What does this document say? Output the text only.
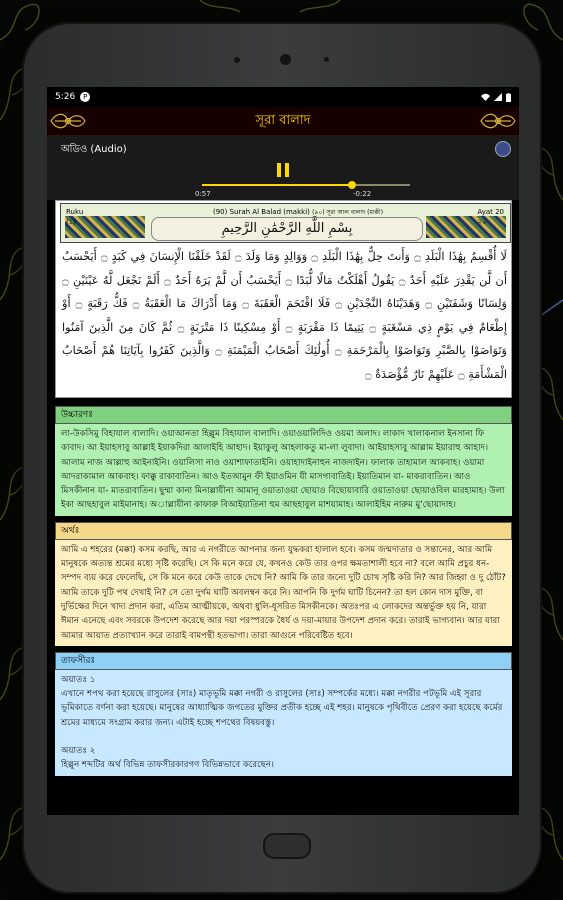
5:26	P
সূরা বালাদ
অডিও (Audio)
0:57	-0:22
Ruku
(১)
(90) Surah Al Balad (makki) (৯০) সূরা আল বালাদ (মাক্কী)	Ayat 20
২০
بِسْمِ اللَّهِ الرَّحْمَٰنِ الرَّحِيمِ
لَا أُقْسِمُ بِهَٰذَا الْبَلَدِ ۝ وَأَنتَ حِلٌّ بِهَٰذَا الْبَلَدِ ۝ وَوَالِدٍ وَمَا وَلَدَ ۝ لَقَدْ خَلَقْنَا الْإِنسَانَ فِي كَبَدٍ ۝ أَيَحْسَبُ أَن لَّن يَقْدِرَ عَلَيْهِ أَحَدٌ ۝ يَقُولُ أَهْلَكْتُ مَالًا لُّبَدًا ۝ أَيَحْسَبُ أَن لَّمْ يَرَهُ أَحَدٌ ۝ أَلَمْ نَجْعَل لَّهُ عَيْنَيْنِ ۝ وَلِسَانًا وَشَفَتَيْنِ ۝ وَهَدَيْنَاهُ النَّجْدَيْنِ ۝ فَلَا اقْتَحَمَ الْعَقَبَةَ ۝ وَمَا أَدْرَاكَ مَا الْعَقَبَةُ ۝ فَكُّ رَقَبَةٍ ۝ أَوْ إِطْعَامٌ فِي يَوْمٍ ذِي مَسْغَبَةٍ ۝ يَتِيمًا ذَا مَقْرَبَةٍ ۝ أَوْ مِسْكِينًا ذَا مَتْرَبَةٍ ۝ ثُمَّ كَانَ مِنَ الَّذِينَ آمَنُوا وَتَوَاصَوْا بِالصَّبْرِ وَتَوَاصَوْا بِالْمَرْحَمَةِ ۝ أُولَٰئِكَ أَصْحَابُ الْمَيْمَنَةِ ۝ وَالَّذِينَ كَفَرُوا بِآيَاتِنَا هُمْ أَصْحَابُ الْمَشْأَمَةِ ۝ عَلَيْهِمْ نَارٌ مُّؤْصَدَةٌ ۝
উচ্চারণঃ
লা-উকসিমু বিহাযাল বালাদি। ওয়াআনতা হিল্লুম বিহাযাল বালাদি। ওয়াওয়ালিদিও ওয়মা অলাদ। লাকাদ খালাকনাল ইনসানা ফি কাবাদ। আ ইয়াহসাবু আল্লাই ইয়াকদিরা আলাইহি আহাদ। ইয়াকুলু আহলাকতু মা-লা লুবাদা। আইয়াহসাবু আল্লাম ইয়ারাহু আহাদ। আলাম নাজ আল্লাহু আইনাইনি। ওয়ালিসা নাও ওয়াশাফাতাইনি। ওয়াহাদাইনাহুন নাজদাইন। ফালাক তাহামাল আকবাহ। ওয়ামা আদরাকামাল আকবাহ। ফাক্কু রাকাবাতিন। আও ইতআমুন ফী ইয়াওমিন যী মাসগাবাতিই। ইয়াতিমান যা- মাকরাবাতিন। আও মিসকীনান যা- মাতরাবাতিন। ছুম্মা কানা মিনাল্লাযীনা আমানূ ওয়াতাওয়া ছোয়াও বিছোয়াবারি ওয়াতাওয়া ছোয়াওবিল মারহামাহ। উলা ইকা আছহাবুল মাইমানাহ। অাল্লাযীনা কাফারু বিআইয়াতিনা হুম আছহাবুল মাশয়ামাহ। আলাইহিম নারুম মু'ছোয়াদাহ।
অর্থঃ
আমি এ শহরের (মক্কা) কসম করছি, আর এ নগরীতে আপনার জন্য যুদ্ধকরা হালাল হবে। কসম জন্মদাতার ও সন্তানের, আর আমি মানুষকে অত্যন্ত শ্রমের মধ্যে সৃষ্টি করেছি। সে কি মনে করে যে, কখনও কেউ তার ওপর ক্ষমতাশালী হবে না? বলে আমি প্রচুর ধন-সম্পদ ব্যয় করে ফেলেছি, সে কি মনে করে কেউ তাকে দেখে নি? আমি কি তার জন্যে দুটি চোখ সৃষ্টি করি নি? আর জিহ্বা ও দু ঠোঁট? আমি তাকে দুটি পথ দেখাই নি? সে তো দুর্গম ঘাটি অবলম্বন করে নি। আপনি কি দুর্গম ঘাটি চিনেন? তা হল কোন দাস মুক্তি, বা দুর্ভিক্ষের দিনে খাদ্য প্রদান করা, এতিম আত্মীয়কে, অথবা ধুলি-ধূসরিত মিসকীনকে। অতঃপর এ লোকদের অন্তর্ভুক্ত হয় নি, যারা ঈমান এনেছে এবং সবরকে উপদেশ করেছে আর দয়া পরস্পরকে ধৈর্য ও দয়া-মায়ার উপদেশ প্রদান করে। তারাই ভাগ্যবান। আর যারা আমার আয়াত প্রত্যাখ্যান করে তারাই বামপন্থী হতভাগা। তারা আগুনে পরিবেষ্টিত হবে।
তাফসীরঃ
অয়াতঃ ১
এখানে শপথ করা হয়েছে রাসুলের (সাঃ) মাতৃভূমি মক্কা নগরী ও রাসুলের (সাঃ) সম্পর্কের মধ্যে। মক্কা নগরীর পটভূমি এই সূরার ভূমিকাতে বর্ণনা করা হয়েছে। মানুষের আধ্যাত্মিক জগতের মুক্তির প্রতীক হচ্ছে এই শহর। মানুষকে পৃথিবীতে প্রেরণ করা হয়েছে কর্মের শ্রমের মাধ্যমে সংগ্রাম করার জন্য। এটাই হচ্ছে শপথের বিষয়বস্তু।
অয়াতঃ ২
হিল্লুন শব্দটির অর্থ বিভিন্ন তাফসীরকারগণ বিভিন্নভাবে করেছেন।
